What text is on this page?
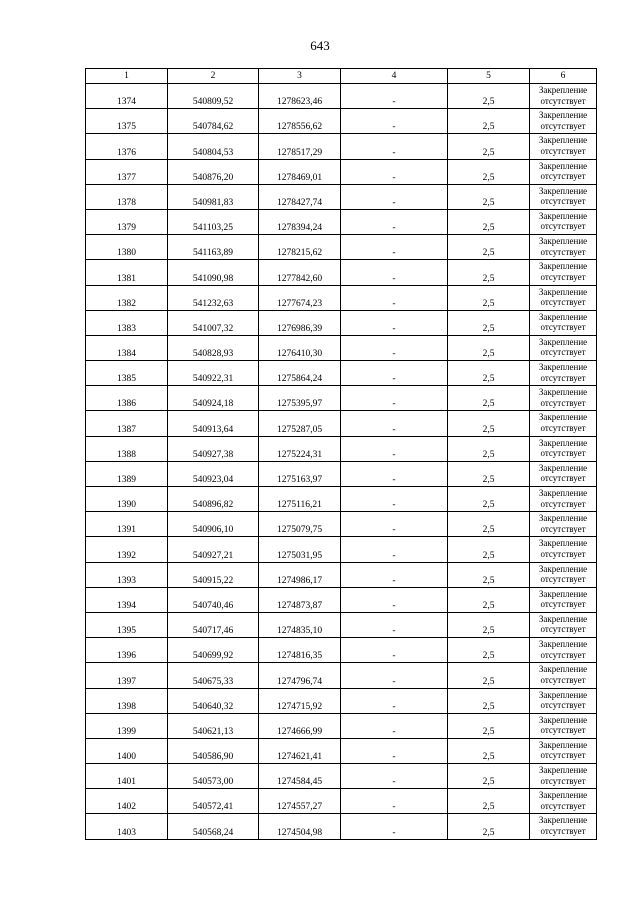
643
1	2	3	4	5	6
1374	540809,52	1278623,46	-	2,5	Закрепление
отсутствует

1375	540784,62	1278556,62	-	2,5	Закрепление
отсутствует

1376	540804,53	1278517,29	-	2,5	Закрепление
отсутствует

1377	540876,20	1278469,01	-	2,5	Закрепление
отсутствует

1378	540981,83	1278427,74	-	2,5	Закрепление
отсутствует

1379	541103,25	1278394,24	-	2,5	Закрепление
отсутствует

1380	541163,89	1278215,62	-	2,5	Закрепление
отсутствует

1381	541090,98	1277842,60	-	2,5	Закрепление
отсутствует

1382	541232,63	1277674,23	-	2,5	Закрепление
отсутствует

1383	541007,32	1276986,39	-	2,5	Закрепление
отсутствует

1384	540828,93	1276410,30	-	2,5	Закрепление
отсутствует

1385	540922,31	1275864,24	-	2,5	Закрепление
отсутствует

1386	540924,18	1275395,97	-	2,5	Закрепление
отсутствует

1387	540913,64	1275287,05	-	2,5	Закрепление
отсутствует

1388	540927,38	1275224,31	-	2,5	Закрепление
отсутствует

1389	540923,04	1275163,97	-	2,5	Закрепление
отсутствует

1390	540896,82	1275116,21	-	2,5	Закрепление
отсутствует

1391	540906,10	1275079,75	-	2,5	Закрепление
отсутствует

1392	540927,21	1275031,95	-	2,5	Закрепление
отсутствует

1393	540915,22	1274986,17	-	2,5	Закрепление
отсутствует

1394	540740,46	1274873,87	-	2,5	Закрепление
отсутствует

1395	540717,46	1274835,10	-	2,5	Закрепление
отсутствует

1396	540699,92	1274816,35	-	2,5	Закрепление
отсутствует

1397	540675,33	1274796,74	-	2,5	Закрепление
отсутствует

1398	540640,32	1274715,92	-	2,5	Закрепление
отсутствует

1399	540621,13	1274666,99	-	2,5	Закрепление
отсутствует

1400	540586,90	1274621,41	-	2,5	Закрепление
отсутствует

1401	540573,00	1274584,45	-	2,5	Закрепление
отсутствует

1402	540572,41	1274557,27	-	2,5	Закрепление
отсутствует

1403	540568,24	1274504,98	-	2,5	Закрепление
отсутствует
